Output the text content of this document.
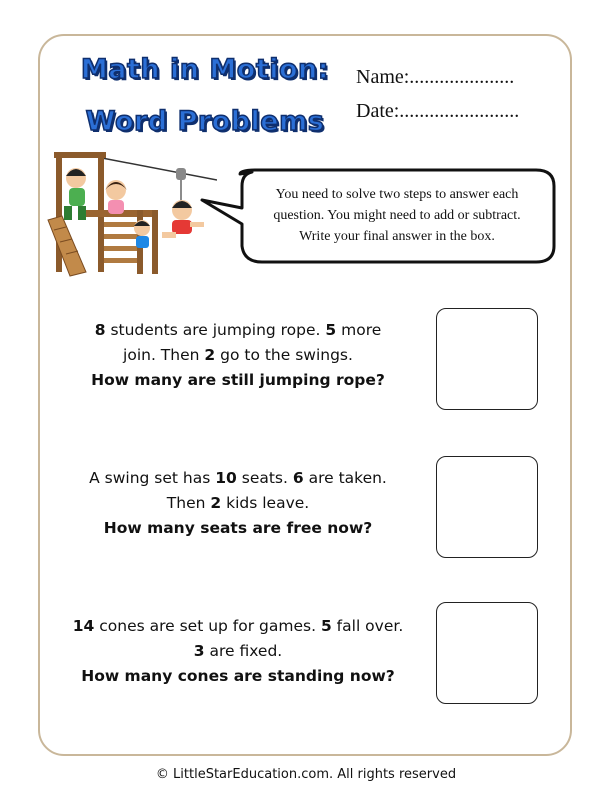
Math in Motion:
Word Problems
Name:.....................
Date:........................
You need to solve two steps to answer each
question. You might need to add or subtract.
Write your final answer in the box.
8 students are jumping rope. 5 more
join. Then 2 go to the swings.
How many are still jumping rope?
A swing set has 10 seats. 6 are taken.
Then 2 kids leave.
How many seats are free now?
14 cones are set up for games. 5 fall over.
3 are fixed.
How many cones are standing now?
© LittleStarEducation.com. All rights reserved
